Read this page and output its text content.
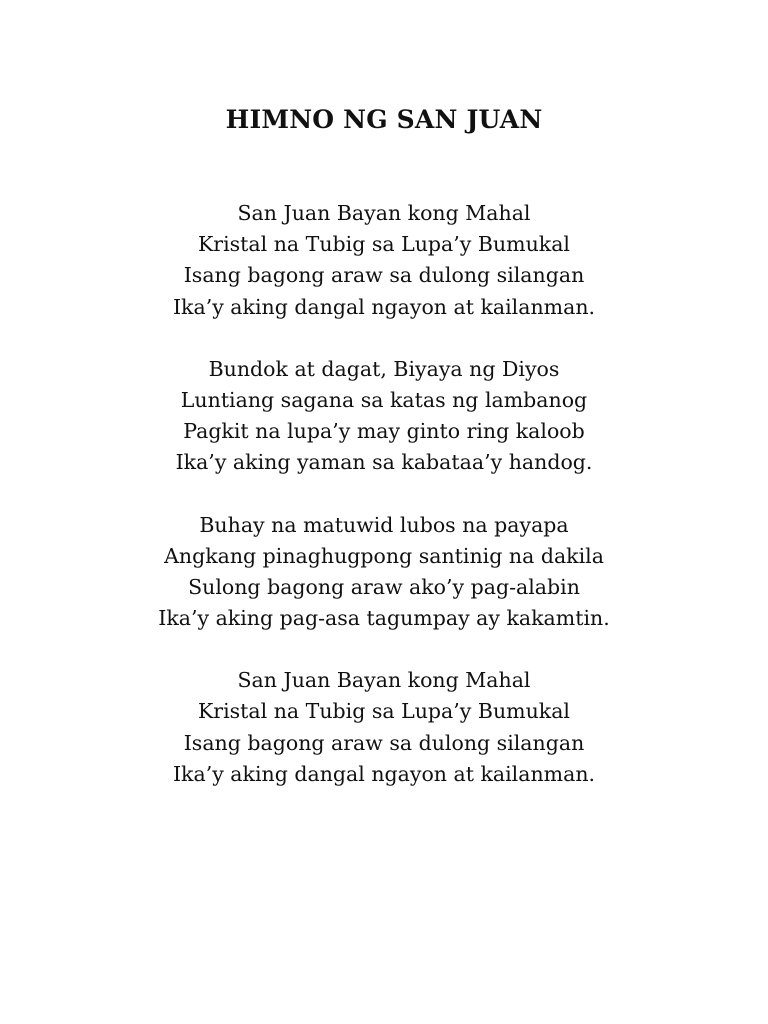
HIMNO NG SAN JUAN
San Juan Bayan kong Mahal
Kristal na Tubig sa Lupa’y Bumukal
Isang bagong araw sa dulong silangan
Ika’y aking dangal ngayon at kailanman.
Bundok at dagat, Biyaya ng Diyos
Luntiang sagana sa katas ng lambanog
Pagkit na lupa’y may ginto ring kaloob
Ika’y aking yaman sa kabataa’y handog.
Buhay na matuwid lubos na payapa
Angkang pinaghugpong santinig na dakila
Sulong bagong araw ako’y pag-alabin
Ika’y aking pag-asa tagumpay ay kakamtin.
San Juan Bayan kong Mahal
Kristal na Tubig sa Lupa’y Bumukal
Isang bagong araw sa dulong silangan
Ika’y aking dangal ngayon at kailanman.
